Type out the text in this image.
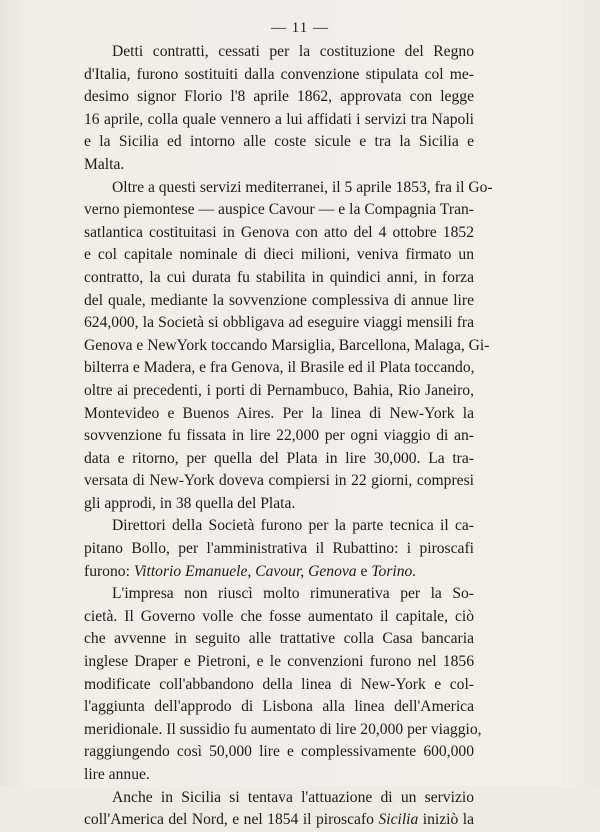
— 11 —

Detti contratti, cessati per la costituzione del Regno
d'Italia, furono sostituiti dalla convenzione stipulata col me-
desimo signor Florio l'8 aprile 1862, approvata con legge
16 aprile, colla quale vennero a lui affidati i servizi tra Napoli
e la Sicilia ed intorno alle coste sicule e tra la Sicilia e
Malta.

Oltre a questi servizi mediterranei, il 5 aprile 1853, fra il Go-
verno piemontese — auspice Cavour — e la Compagnia Tran-
satlantica costituitasi in Genova con atto del 4 ottobre 1852
e col capitale nominale di dieci milioni, veniva firmato un
contratto, la cui durata fu stabilita in quindici anni, in forza
del quale, mediante la sovvenzione complessiva di annue lire
624,000, la Società si obbligava ad eseguire viaggi mensili fra
Genova e NewYork toccando Marsiglia, Barcellona, Malaga, Gi-
bilterra e Madera, e fra Genova, il Brasile ed il Plata toccando,
oltre ai precedenti, i porti di Pernambuco, Bahia, Rio Janeiro,
Montevideo e Buenos Aires. Per la linea di New-York la
sovvenzione fu fissata in lire 22,000 per ogni viaggio di an-
data e ritorno, per quella del Plata in lire 30,000. La tra-
versata di New-York doveva compiersi in 22 giorni, compresi
gli approdi, in 38 quella del Plata.

Direttori della Società furono per la parte tecnica il ca-
pitano Bollo, per l'amministrativa il Rubattino: i piroscafi
furono: Vittorio Emanuele, Cavour, Genova e Torino.

L'impresa non riuscì molto rimunerativa per la So-
cietà. Il Governo volle che fosse aumentato il capitale, ciò
che avvenne in seguito alle trattative colla Casa bancaria
inglese Draper e Pietroni, e le convenzioni furono nel 1856
modificate coll'abbandono della linea di New-York e col-
l'aggiunta dell'approdo di Lisbona alla linea dell'America
meridionale. Il sussidio fu aumentato di lire 20,000 per viaggio,
raggiungendo così 50,000 lire e complessivamente 600,000
lire annue.

Anche in Sicilia si tentava l'attuazione di un servizio
coll'America del Nord, e nel 1854 il piroscafo Sicilia iniziò la
